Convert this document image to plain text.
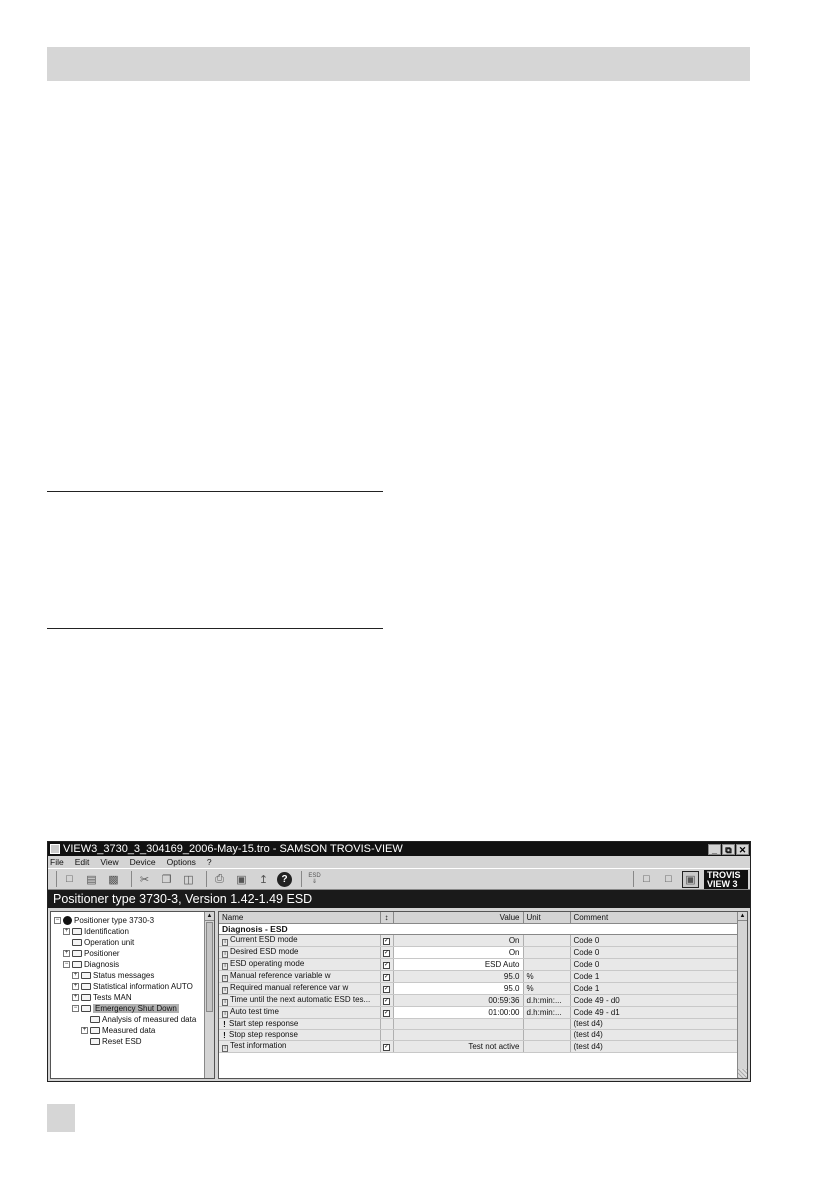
VIEW3_3730_3_304169_2006-May-15.tro - SAMSON TROVIS-VIEW	_ ⧉ ✕
File Edit View Device Options ?
□	▤ ▩	✂	❐	◫	⎙	▣	↥	?	ESD
⇓	□	□	▣	TROVIS
VIEW 3
Positioner type 3730-3, Version 1.42-1.49 ESD
▲
− Positioner type 3730-3
+ Identification
Operation unit
+ Positioner
− Diagnosis
+ Status messages
+ Statistical information AUTO
+ Tests MAN
− Emergency Shut Down
Analysis of measured data
+ Measured data
Reset ESD
Name	↕	Value	Unit	Comment
Diagnosis - ESD				
i Current ESD mode	✓	On		Code 0
i Desired ESD mode	✓	On		Code 0
i ESD operating mode	✓	ESD Auto		Code 0
i Manual reference variable w	✓	95.0	%	Code 1
i Required manual reference var w	✓	95.0	%	Code 1
i Time until the next automatic ESD tes...	✓	00:59:36	d.h:min:...	Code 49 - d0
i Auto test time	✓	01:00:00	d.h:min:...	Code 49 - d1
! Start step response				(test d4)
! Stop step response				(test d4)
i Test information	✓	Test not active		(test d4)
▲
